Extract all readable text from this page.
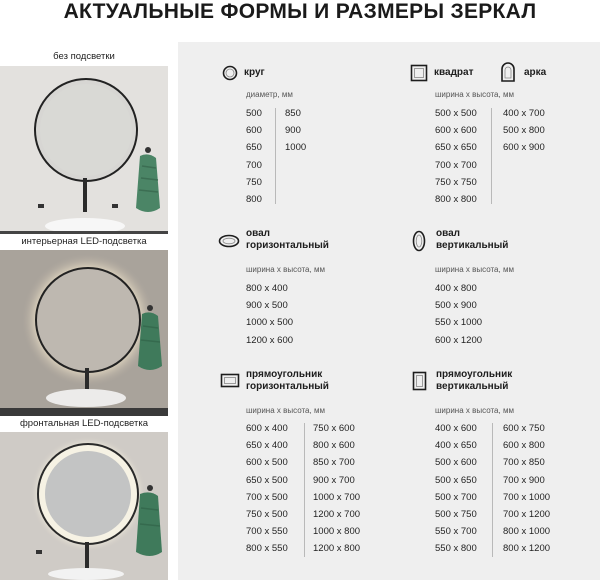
АКТУАЛЬНЫЕ ФОРМЫ И РАЗМЕРЫ ЗЕРКАЛ
без подсветки
интерьерная LED-подсветка
фронтальная LED-подсветка
круг
диаметр, мм
500
600
650
700
750
800
850
900
1000
квадрат
ширина х высота, мм
500 х 500
600 х 600
650 х 650
700 х 700
750 х 750
800 х 800
арка
400 х 700
500 х 800
600 х 900
овал
горизонтальный
ширина х высота, мм
800 х 400
900 х 500
1000 х 500
1200 х 600
овал
вертикальный
ширина х высота, мм
400 х 800
500 х 900
550 х 1000
600 х 1200
прямоугольник
горизонтальный
ширина х высота, мм
600 х 400
650 х 400
600 х 500
650 х 500
700 х 500
750 х 500
700 х 550
800 х 550
750 х 600
800 х 600
850 х 700
900 х 700
1000 х 700
1200 х 700
1000 х 800
1200 х 800
прямоугольник
вертикальный
ширина х высота, мм
400 х 600
400 х 650
500 х 600
500 х 650
500 х 700
500 х 750
550 х 700
550 х 800
600 х 750
600 х 800
700 х 850
700 х 900
700 х 1000
700 х 1200
800 х 1000
800 х 1200
